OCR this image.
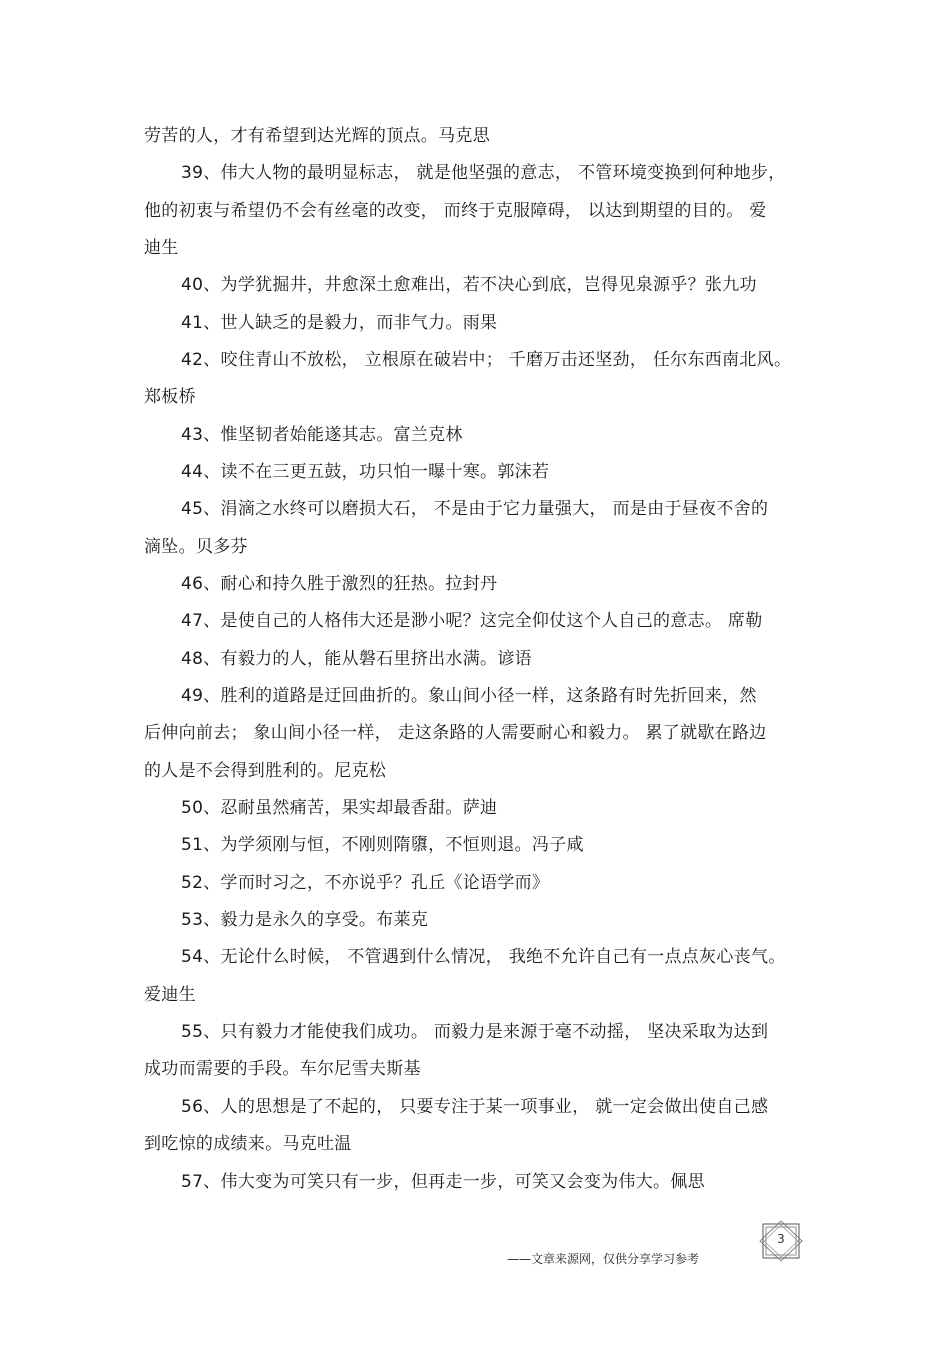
劳苦的人，才有希望到达光辉的顶点。马克思
39、伟大人物的最明显标志， 就是他坚强的意志， 不管环境变换到何种地步，
他的初衷与希望仍不会有丝毫的改变， 而终于克服障碍， 以达到期望的目的。 爱
迪生
40、为学犹掘井，井愈深土愈难出，若不决心到底，岂得见泉源乎？张九功
41、世人缺乏的是毅力，而非气力。雨果
42、咬住青山不放松， 立根原在破岩中； 千磨万击还坚劲， 任尔东西南北风。
郑板桥
43、惟坚韧者始能遂其志。富兰克林
44、读不在三更五鼓，功只怕一曝十寒。郭沫若
45、涓滴之水终可以磨损大石， 不是由于它力量强大， 而是由于昼夜不舍的
滴坠。贝多芬
46、耐心和持久胜于激烈的狂热。拉封丹
47、是使自己的人格伟大还是渺小呢？这完全仰仗这个人自己的意志。 席勒
48、有毅力的人，能从磐石里挤出水满。谚语
49、胜利的道路是迂回曲折的。象山间小径一样，这条路有时先折回来，然
后伸向前去； 象山间小径一样， 走这条路的人需要耐心和毅力。 累了就歇在路边
的人是不会得到胜利的。尼克松
50、忍耐虽然痛苦，果实却最香甜。萨迪
51、为学须刚与恒，不刚则隋隳，不恒则退。冯子咸
52、学而时习之，不亦说乎？孔丘《论语学而》
53、毅力是永久的享受。布莱克
54、无论什么时候， 不管遇到什么情况， 我绝不允许自己有一点点灰心丧气。
爱迪生
55、只有毅力才能使我们成功。 而毅力是来源于毫不动摇， 坚决采取为达到
成功而需要的手段。车尔尼雪夫斯基
56、人的思想是了不起的， 只要专注于某一项事业， 就一定会做出使自己感
到吃惊的成绩来。马克吐温
57、伟大变为可笑只有一步，但再走一步，可笑又会变为伟大。佩思
3
——文章来源网，仅供分享学习参考
